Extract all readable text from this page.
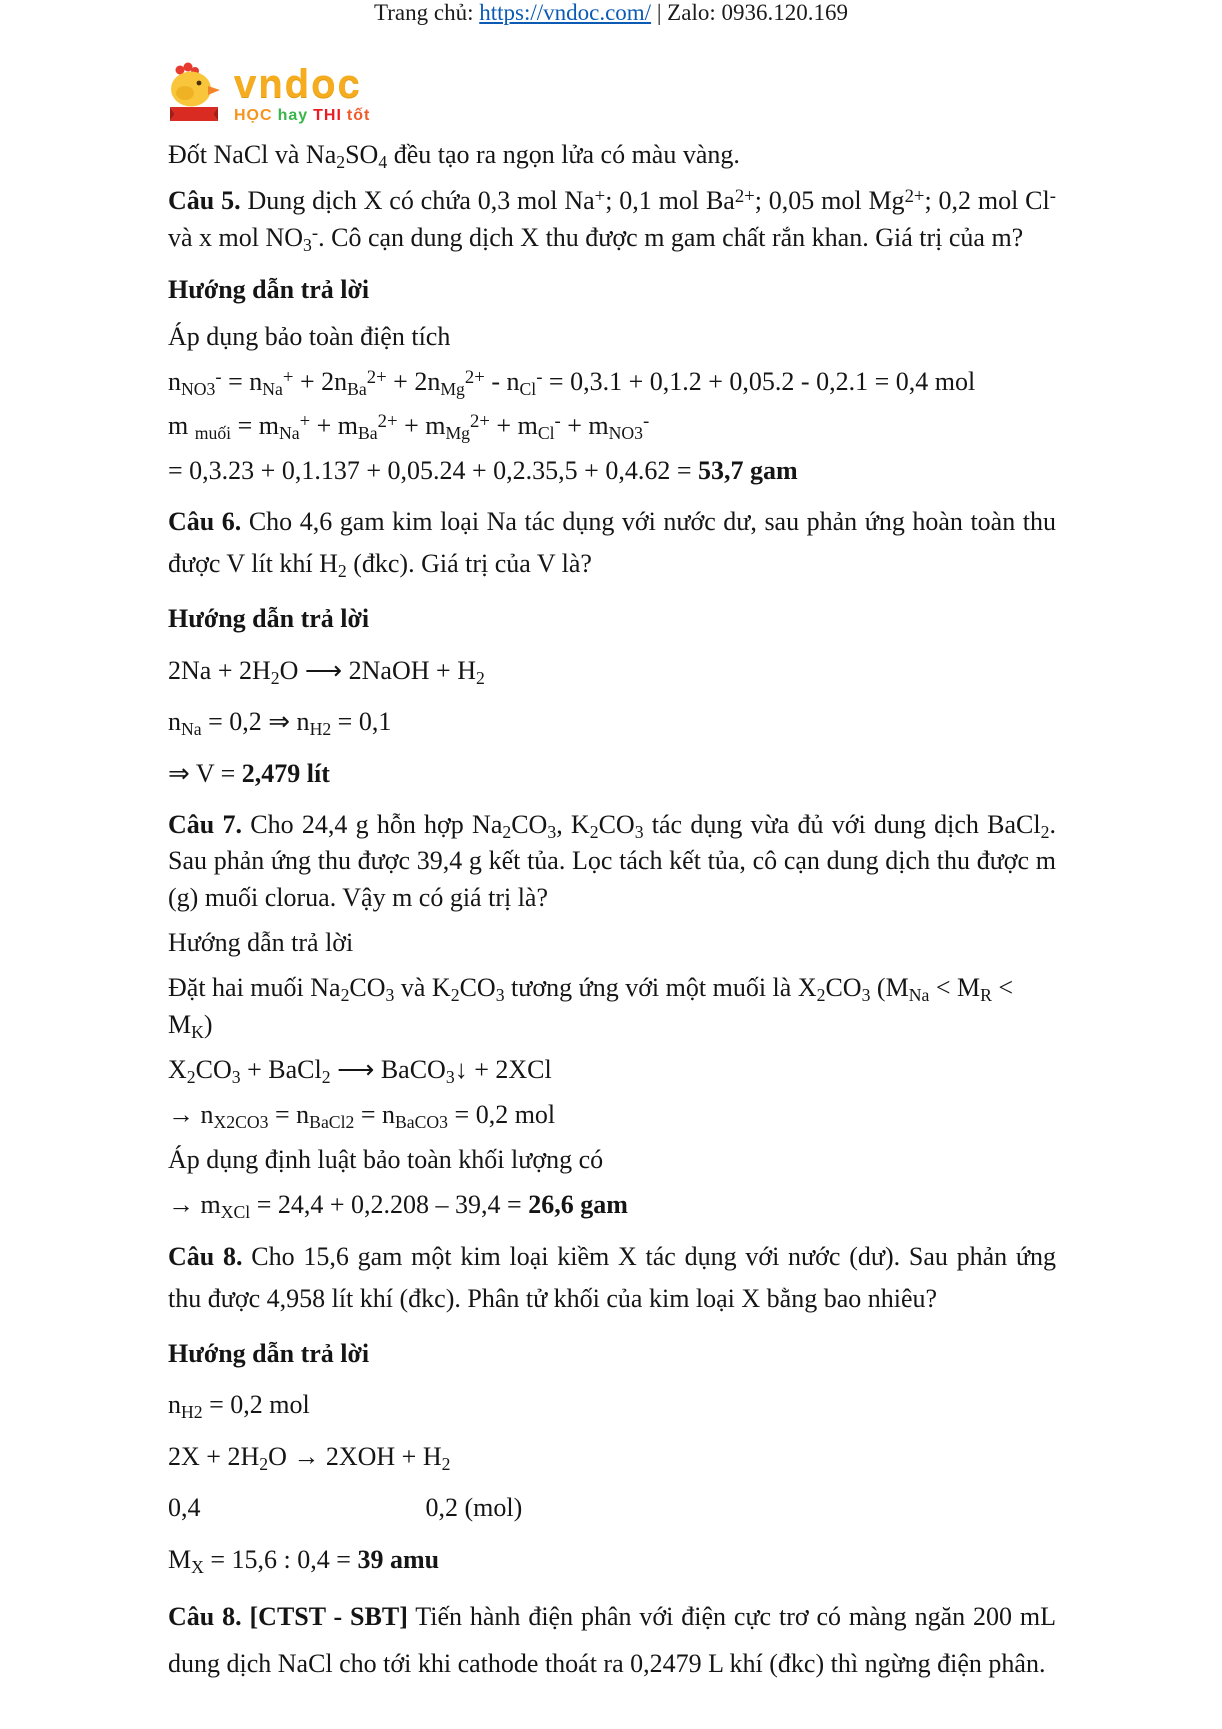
vndoc
HỌC hay THI tốt
Đốt NaCl và $Na_2SO_4$ đều tạo ra ngọn lửa có màu vàng.
Câu 5. Dung dịch X có chứa 0,3 mol Na+; 0,1 mol $Ba^{2+}$; 0,05 mol $Mg^{2+}$; 0,2 mol Cl- và x mol $NO_3^-$. Cô cạn dung dịch X thu được m gam chất rắn khan. Giá trị của m?
Hướng dẫn trả lời
Áp dụng bảo toàn điện tích
$n_{NO3}^- = n_{Na}^+ + 2n_{Ba}^{2+} + 2n_{Mg}^{2+} - n_{Cl}^- = 0,3.1 + 0,1.2 + 0,05.2 - 0,2.1 = 0,4$ mol
m $_{muối} = m_{Na}^+ + m_{Ba}^{2+} + m_{Mg}^{2+} + m_{Cl}^- + m_{NO3}^-$
= 0,3.23 + 0,1.137 + 0,05.24 + 0,2.35,5 + 0,4.62 = 53,7 gam
Câu 6. Cho 4,6 gam kim loại Na tác dụng với nước dư, sau phản ứng hoàn toàn thu được V lít khí $H_2$ (đkc). Giá trị của V là?
Hướng dẫn trả lời
$2Na + 2H_2O$ ⟶ 2NaOH + $H_2$
$n_{Na} = 0,2$ ⇒ $n_{H2} = 0,1$
⇒ V = 2,479 lít
Câu 7. Cho 24,4 g hỗn hợp $Na_2CO_3$, $K_2CO_3$ tác dụng vừa đủ với dung dịch BaCl$_2$. Sau phản ứng thu được 39,4 g kết tủa. Lọc tách kết tủa, cô cạn dung dịch thu được m (g) muối clorua. Vậy m có giá trị là?
Hướng dẫn trả lời
Đặt hai muối $Na_2CO_3$ và $K_2CO_3$ tương ứng với một muối là $X_2CO_3$ $(M_{Na} < M_R < M_K)$
$X_2CO_3$ + BaCl$_2$ ⟶ BaCO$_3$↓ + 2XCl
→ $n_{X2CO3} = n_{BaCl2} = n_{BaCO3} = 0,2$ mol
Áp dụng định luật bảo toàn khối lượng có
→ $m_{XCl} = 24,4 + 0,2.208 - 39,4 = 26,6$ gam
Câu 8. Cho 15,6 gam một kim loại kiềm X tác dụng với nước (dư). Sau phản ứng thu được 4,958 lít khí (đkc). Phân tử khối của kim loại X bằng bao nhiêu?
Hướng dẫn trả lời
$n_{H2} = 0,2$ mol
$2X + 2H_2O \to 2XOH + H_2$
0,4	0,2 (mol)
$M_X = 15,6$ : 0,4 = 39 amu
Câu 8. [CTST - SBT] Tiến hành điện phân với điện cực trơ có màng ngăn 200 mL dung dịch NaCl cho tới khi cathode thoát ra 0,2479 L khí (đkc) thì ngừng điện phân.
Trang chủ: https://vndoc.com/ | Zalo: 0936.120.169
